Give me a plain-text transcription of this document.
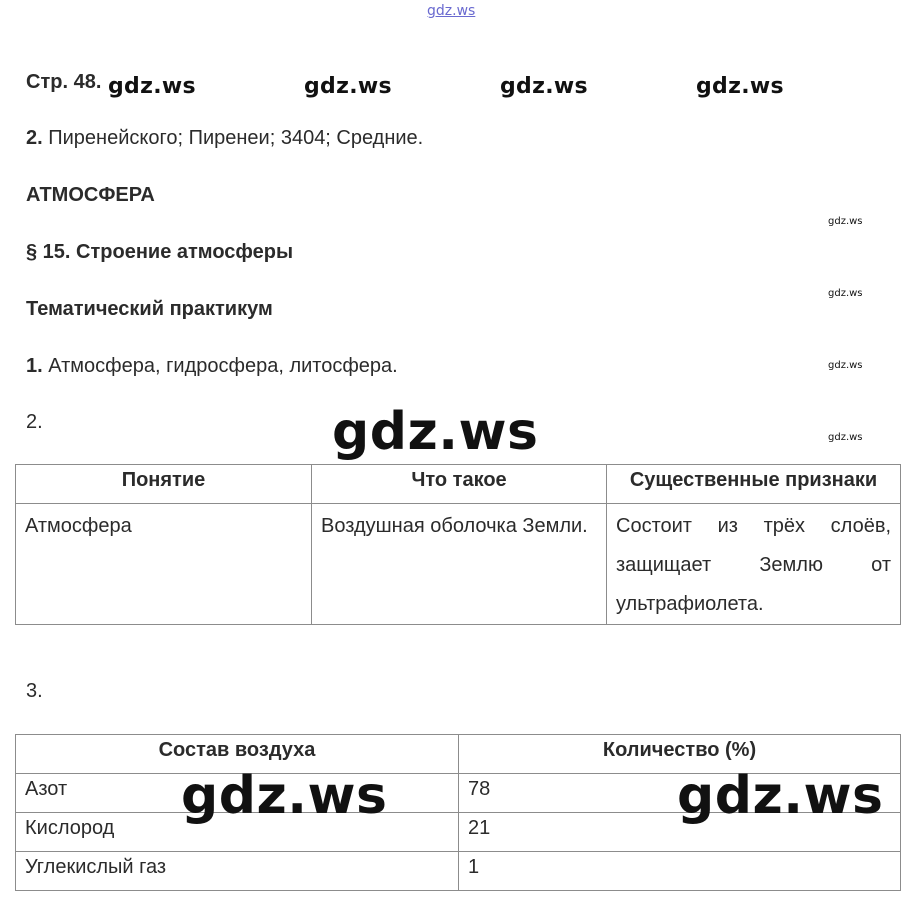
gdz.ws
gdz.ws	gdz.ws	gdz.ws	gdz.ws
gdz.ws
gdz.ws
gdz.ws
gdz.ws
Стр. 48.
2. Пиренейского; Пиренеи; 3404; Средние.
АТМОСФЕРА
§ 15. Строение атмосферы
Тематический практикум
1. Атмосфера, гидросфера, литосфера.
2.
Понятие	Что такое	Существенные признаки
Атмосфера	Воздушная оболочка Земли.	Состоит из трёх слоёв, защищает Землю от ультрафиолета.
3.
Состав воздуха	Количество (%)
Азот	78
Кислород	21
Углекислый газ	1
gdz.ws
gdz.ws	gdz.ws
